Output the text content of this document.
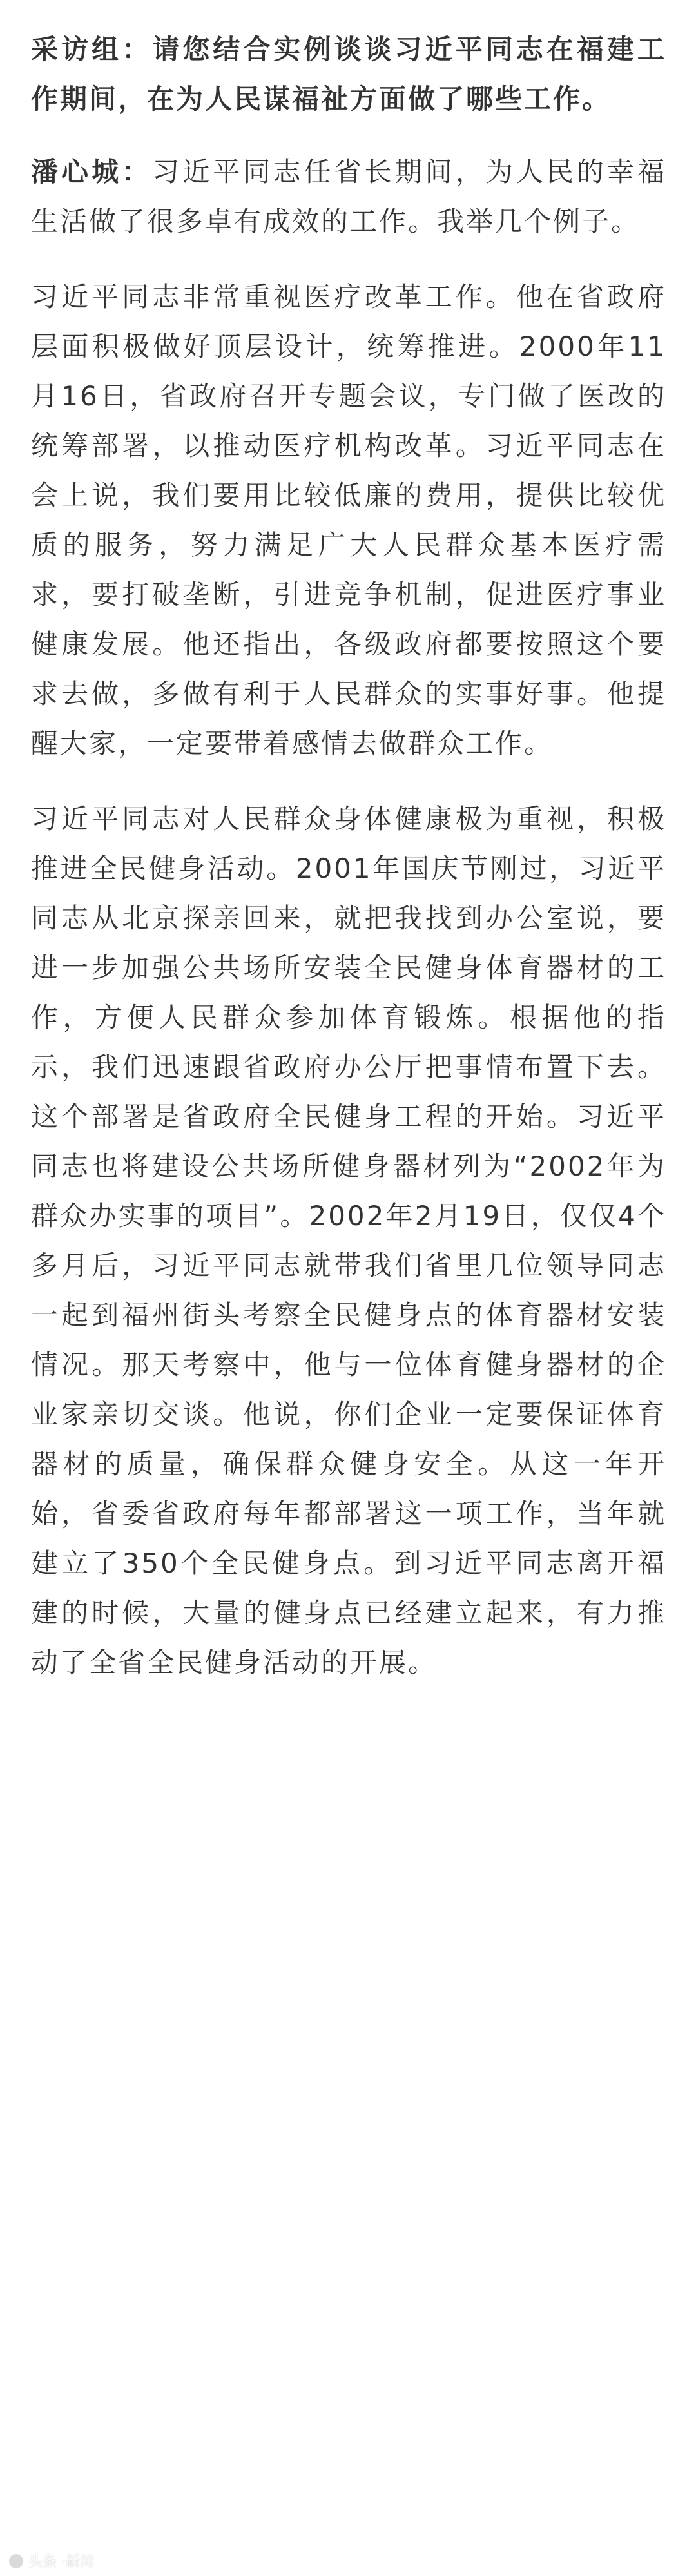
采访组：请您结合实例谈谈习近平同志在福建工作期间，在为人民谋福祉方面做了哪些工作。

潘心城：习近平同志任省长期间，为人民的幸福生活做了很多卓有成效的工作。我举几个例子。

习近平同志非常重视医疗改革工作。他在省政府层面积极做好顶层设计，统筹推进。2000年11月16日，省政府召开专题会议，专门做了医改的统筹部署，以推动医疗机构改革。习近平同志在会上说，我们要用比较低廉的费用，提供比较优质的服务，努力满足广大人民群众基本医疗需求，要打破垄断，引进竞争机制，促进医疗事业健康发展。他还指出，各级政府都要按照这个要求去做，多做有利于人民群众的实事好事。他提醒大家，一定要带着感情去做群众工作。

习近平同志对人民群众身体健康极为重视，积极推进全民健身活动。2001年国庆节刚过，习近平同志从北京探亲回来，就把我找到办公室说，要进一步加强公共场所安装全民健身体育器材的工作，方便人民群众参加体育锻炼。根据他的指示，我们迅速跟省政府办公厅把事情布置下去。这个部署是省政府全民健身工程的开始。习近平同志也将建设公共场所健身器材列为“2002年为群众办实事的项目”。2002年2月19日，仅仅4个多月后，习近平同志就带我们省里几位领导同志一起到福州街头考察全民健身点的体育器材安装情况。那天考察中，他与一位体育健身器材的企业家亲切交谈。他说，你们企业一定要保证体育器材的质量，确保群众健身安全。从这一年开始，省委省政府每年都部署这一项工作，当年就建立了350个全民健身点。到习近平同志离开福建的时候，大量的健身点已经建立起来，有力推动了全省全民健身活动的开展。

头条 ·新闻
